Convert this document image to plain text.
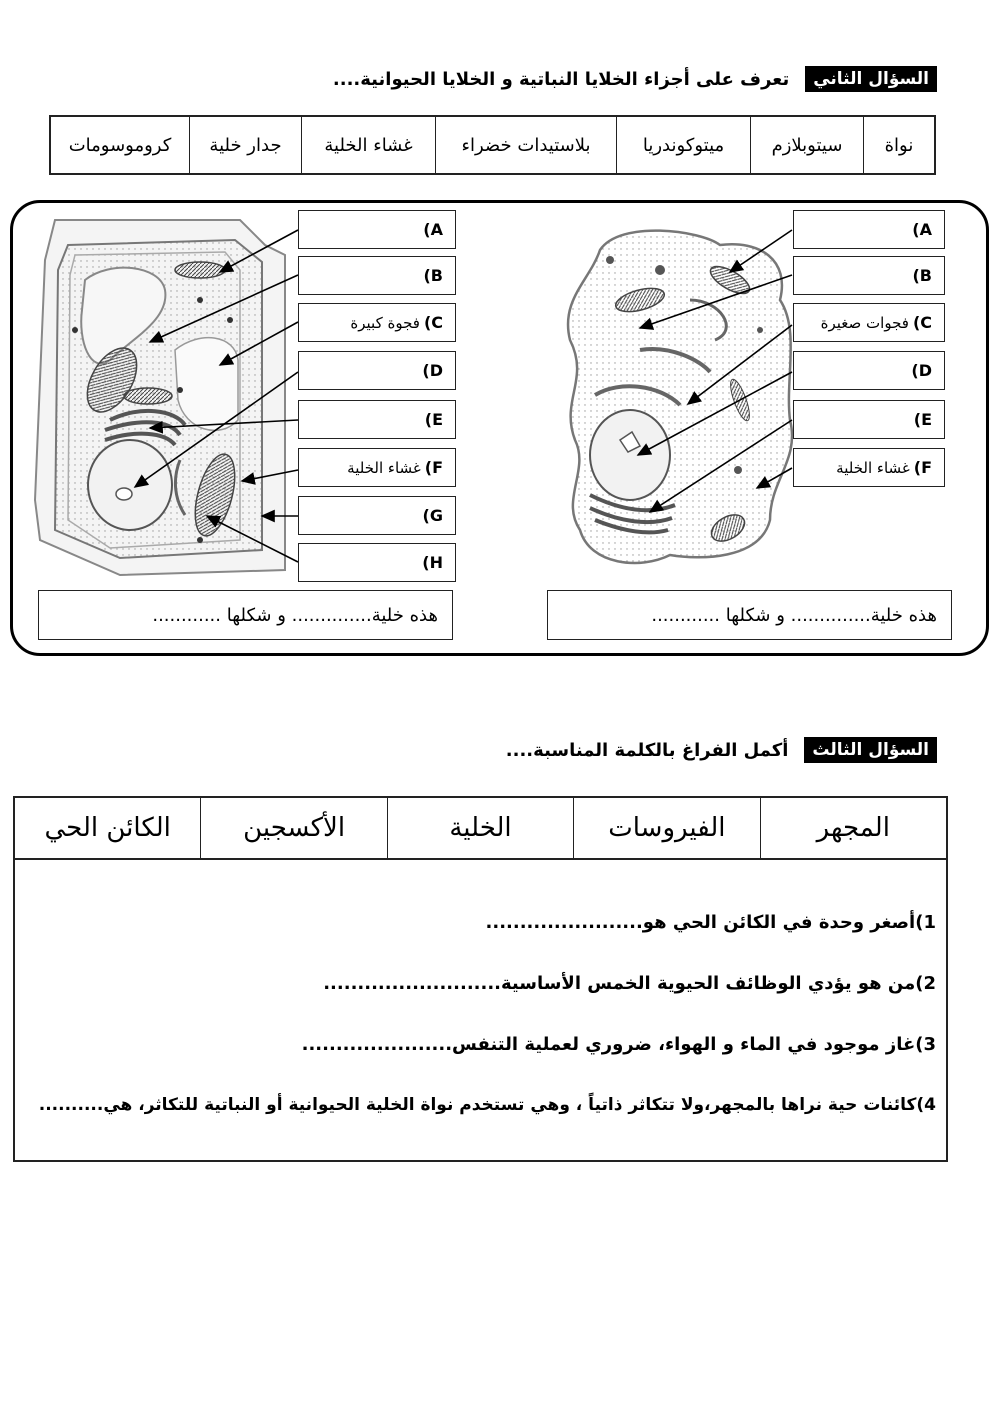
السؤال الثاني
تعرف على أجزاء الخلايا النباتية و الخلايا الحيوانية....
نواة
سيتوبلازم
ميتوكوندريا
بلاستيدات خضراء
غشاء الخلية
جدار خلية
كروموسومات
A)
B)
C)
فجوة كبيرة
D)
E)
F)
غشاء الخلية
G)
H)
A)
B)
C)
فجوات صغيرة
D)
E)
F)
غشاء الخلية
هذه خلية.............. و شكلها ............	هذه خلية.............. و شكلها ............
السؤال الثالث
أكمل الفراغ بالكلمة المناسبة....
المجهر
الفيروسات
الخلية
الأكسجين
الكائن الحي
1)أصغر وحدة في الكائن الحي هو.......................
2)من هو يؤدي الوظائف الحيوية الخمس الأساسية..........................
3)غاز موجود في الماء و الهواء، ضروري لعملية التنفس......................
4)كائنات حية نراها بالمجهر،ولا تتكاثر ذاتياً ، وهي تستخدم نواة الخلية الحيوانية أو النباتية للتكاثر، هي..........
